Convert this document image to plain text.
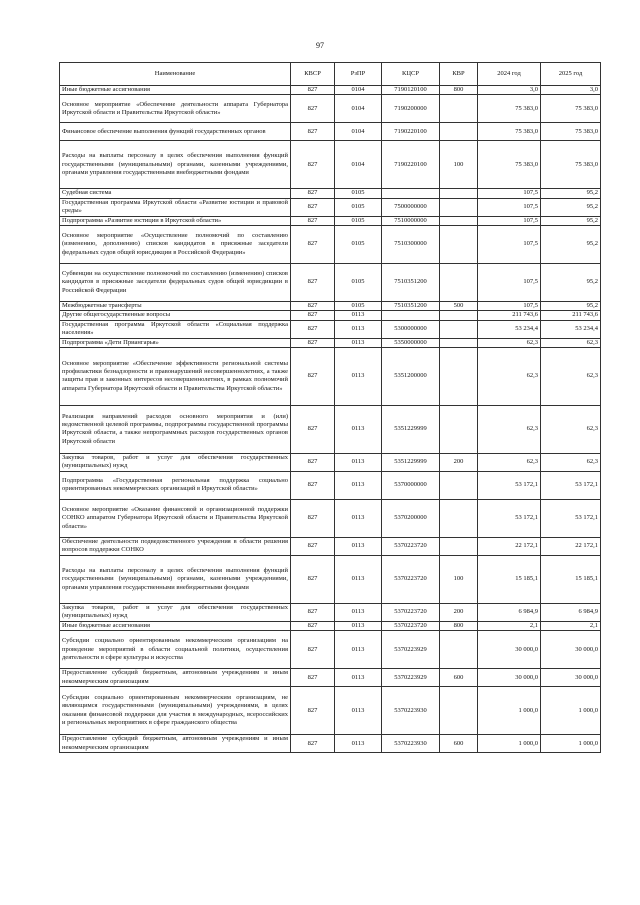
97
Наименование	КВСР	РзПР	КЦСР	КВР	2024 год	2025 год
Иные бюджетные ассигнования	827	0104	7190120100	800	3,0	3,0
Основное мероприятие «Обеспечение деятельности аппарата Губернатора Иркутской области и Правительства Иркутской области»	827	0104	7190200000		75 383,0	75 383,0
Финансовое обеспечение выполнения функций государственных органов	827	0104	7190220100		75 383,0	75 383,0
Расходы на выплаты персоналу в целях обеспечения выполнения функций государственными (муниципальными) органами, казенными учреждениями, органами управления государственными внебюджетными фондами	827	0104	7190220100	100	75 383,0	75 383,0
Судебная система	827	0105			107,5	95,2
Государственная программа Иркутской области «Развитие юстиции и правовой среды»	827	0105	7500000000		107,5	95,2
Подпрограмма «Развитие юстиции в Иркутской области»	827	0105	7510000000		107,5	95,2
Основное мероприятие «Осуществление полномочий по составлению (изменению, дополнению) списков кандидатов в присяжные заседатели федеральных судов общей юрисдикции в Российской Федерации»	827	0105	7510300000		107,5	95,2
Субвенции на осуществление полномочий по составлению (изменению) списков кандидатов в присяжные заседатели федеральных судов общей юрисдикции в Российской Федерации	827	0105	7510351200		107,5	95,2
Межбюджетные трансферты	827	0105	7510351200	500	107,5	95,2
Другие общегосударственные вопросы	827	0113			211 743,6	211 743,6
Государственная программа Иркутской области «Социальная поддержка населения»	827	0113	5300000000		53 234,4	53 234,4
Подпрограмма «Дети Приангарья»	827	0113	5350000000		62,3	62,3
Основное мероприятие «Обеспечение эффективности региональной системы профилактики безнадзорности и правонарушений несовершеннолетних, а также защиты прав и законных интересов несовершеннолетних, в рамках полномочий аппарата Губернатора Иркутской области и Правительства Иркутской области»	827	0113	5351200000		62,3	62,3
Реализация направлений расходов основного мероприятия и (или) ведомственной целевой программы, подпрограммы государственной программы Иркутской области, а также непрограммных расходов государственных органов Иркутской области	827	0113	5351229999		62,3	62,3
Закупка товаров, работ и услуг для обеспечения государственных (муниципальных) нужд	827	0113	5351229999	200	62,3	62,3
Подпрограмма «Государственная региональная поддержка социально ориентированных некоммерческих организаций в Иркутской области»	827	0113	5370000000		53 172,1	53 172,1
Основное мероприятие «Оказание финансовой и организационной поддержки СОНКО аппаратом Губернатора Иркутской области и Правительства Иркутской области»	827	0113	5370200000		53 172,1	53 172,1
Обеспечение деятельности подведомственного учреждения в области решения вопросов поддержки СОНКО	827	0113	5370223720		22 172,1	22 172,1
Расходы на выплаты персоналу в целях обеспечения выполнения функций государственными (муниципальными) органами, казенными учреждениями, органами управления государственными внебюджетными фондами	827	0113	5370223720	100	15 185,1	15 185,1
Закупка товаров, работ и услуг для обеспечения государственных (муниципальных) нужд	827	0113	5370223720	200	6 984,9	6 984,9
Иные бюджетные ассигнования	827	0113	5370223720	800	2,1	2,1
Субсидии социально ориентированным некоммерческим организациям на проведение мероприятий в области социальной политики, осуществления деятельности в сфере культуры и искусства	827	0113	5370223929		30 000,0	30 000,0
Предоставление субсидий бюджетным, автономным учреждениям и иным некоммерческим организациям	827	0113	5370223929	600	30 000,0	30 000,0
Субсидии социально ориентированным некоммерческим организациям, не являющимся государственными (муниципальными) учреждениями, в целях оказания финансовой поддержки для участия в международных, всероссийских и региональных мероприятиях в сфере гражданского общества	827	0113	5370223930		1 000,0	1 000,0
Предоставление субсидий бюджетным, автономным учреждениям и иным некоммерческим организациям	827	0113	5370223930	600	1 000,0	1 000,0
